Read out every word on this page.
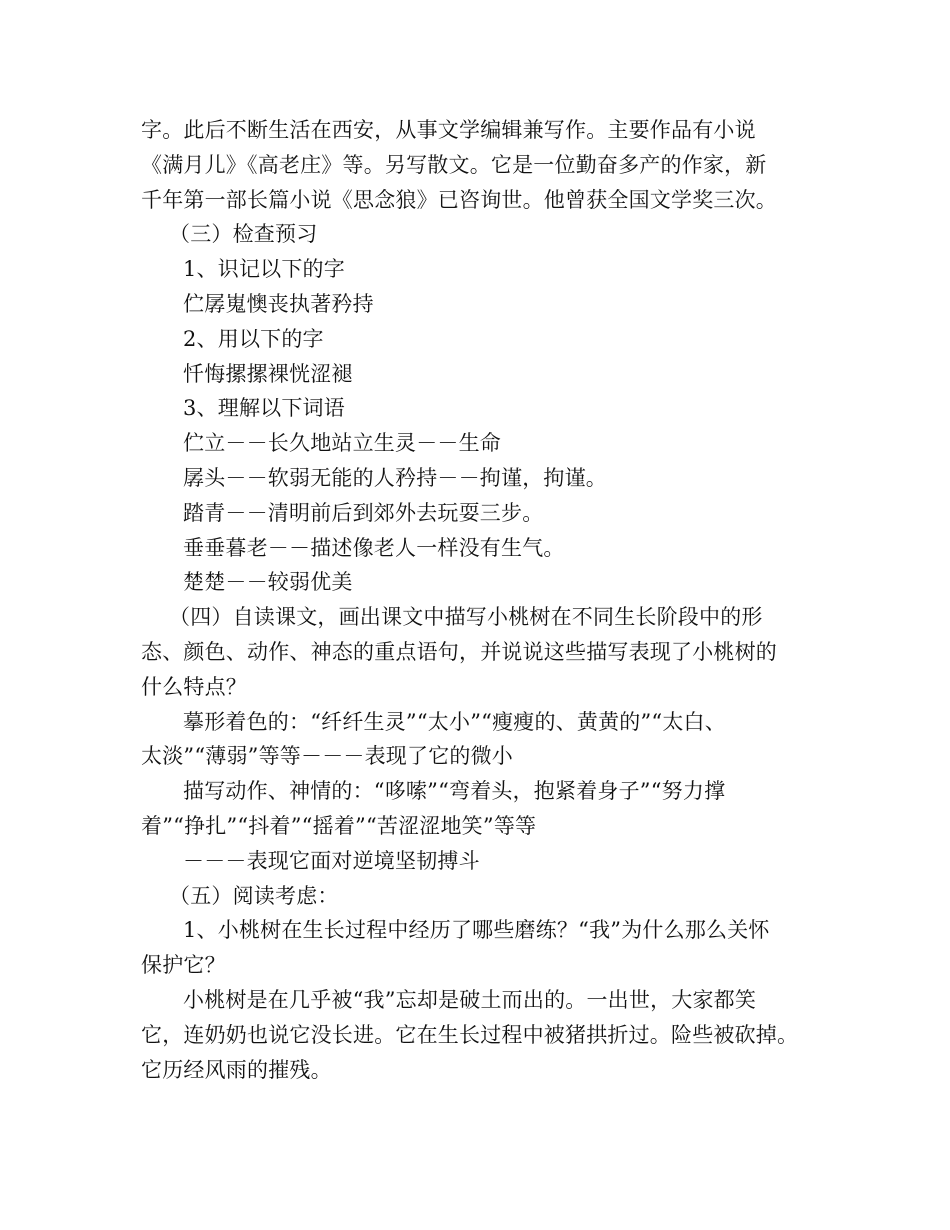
字。此后不断生活在西安，从事文学编辑兼写作。主要作品有小说
《满月儿》《高老庄》等。另写散文。它是一位勤奋多产的作家，新
千年第一部长篇小说《思念狼》已咨询世。他曾获全国文学奖三次。
（三）检查预习
1、识记以下的字
伫孱嵬懊丧执著矜持
2、用以下的字
忏悔摞摞裸恍涩褪
3、理解以下词语
伫立－－长久地站立生灵－－生命
孱头－－软弱无能的人矜持－－拘谨，拘谨。
踏青－－清明前后到郊外去玩耍三步。
垂垂暮老－－描述像老人一样没有生气。
楚楚－－较弱优美
（四）自读课文，画出课文中描写小桃树在不同生长阶段中的形
态、颜色、动作、神态的重点语句，并说说这些描写表现了小桃树的
什么特点？
摹形着色的：“纤纤生灵”“太小”“瘦瘦的、黄黄的”“太白、
太淡”“薄弱”等等－－－表现了它的微小
描写动作、神情的：“哆嗦”“弯着头，抱紧着身子”“努力撑
着”“挣扎”“抖着”“摇着”“苦涩涩地笑”等等
－－－表现它面对逆境坚韧搏斗
（五）阅读考虑：
1、小桃树在生长过程中经历了哪些磨练？“我”为什么那么关怀
保护它？
小桃树是在几乎被“我”忘却是破土而出的。一出世，大家都笑
它，连奶奶也说它没长进。它在生长过程中被猪拱折过。险些被砍掉。
它历经风雨的摧残。
